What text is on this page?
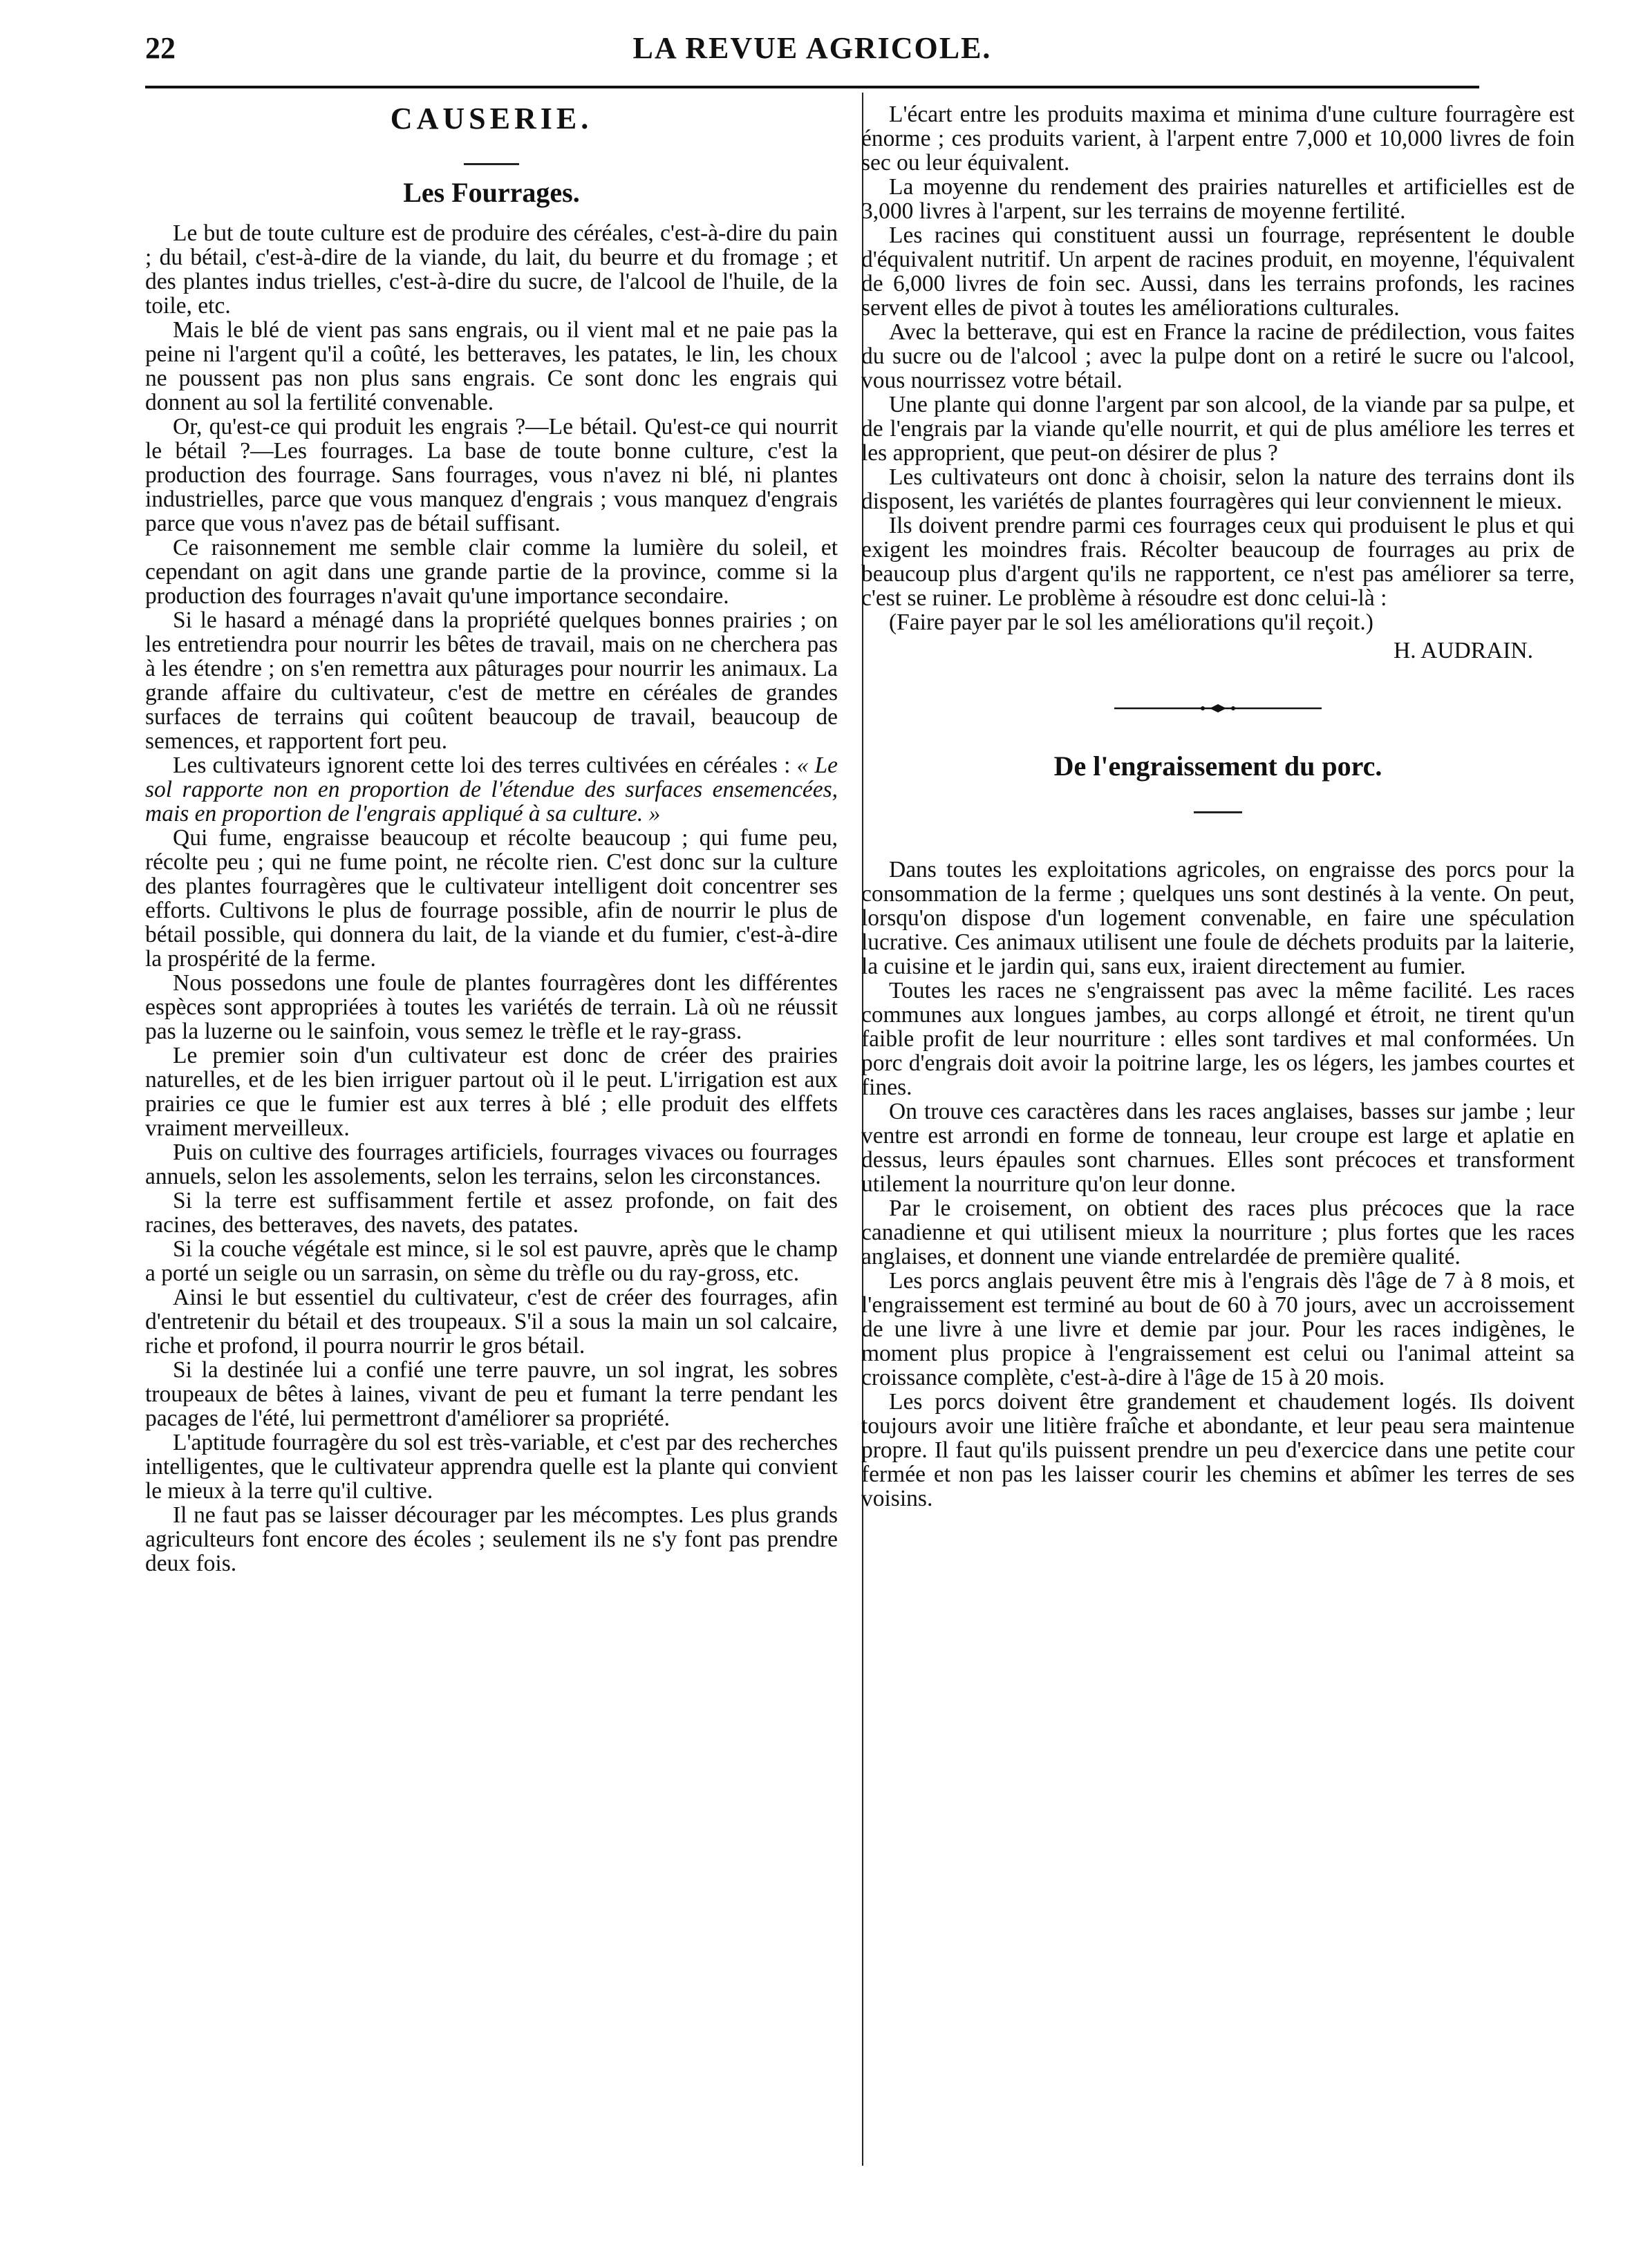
22	LA REVUE AGRICOLE.
CAUSERIE.
Les Fourrages.

Le but de toute culture est de produire des céréales, c'est-à-dire du pain ; du bétail, c'est-à-dire de la viande, du lait, du beurre et du fromage ; et des plantes indus trielles, c'est-à-dire du sucre, de l'alcool de l'huile, de la toile, etc.

Mais le blé de vient pas sans engrais, ou il vient mal et ne paie pas la peine ni l'argent qu'il a coûté, les betteraves, les patates, le lin, les choux ne poussent pas non plus sans engrais. Ce sont donc les engrais qui donnent au sol la fertilité convenable.

Or, qu'est-ce qui produit les engrais ?—Le bétail. Qu'est-ce qui nourrit le bétail ?—Les fourrages. La base de toute bonne culture, c'est la production des fourrage. Sans fourrages, vous n'avez ni blé, ni plantes industrielles, parce que vous manquez d'engrais ; vous manquez d'engrais parce que vous n'avez pas de bétail suffisant.

Ce raisonnement me semble clair comme la lumière du soleil, et cependant on agit dans une grande partie de la province, comme si la production des fourrages n'avait qu'une importance secondaire.

Si le hasard a ménagé dans la propriété quelques bonnes prairies ; on les entretiendra pour nourrir les bêtes de travail, mais on ne cherchera pas à les étendre ; on s'en remettra aux pâturages pour nourrir les animaux. La grande affaire du cultivateur, c'est de mettre en céréales de grandes surfaces de terrains qui coûtent beaucoup de travail, beaucoup de semences, et rapportent fort peu.

Les cultivateurs ignorent cette loi des terres cultivées en céréales : « Le sol rapporte non en proportion de l'étendue des surfaces ensemencées, mais en proportion de l'engrais appliqué à sa culture. »

Qui fume, engraisse beaucoup et récolte beaucoup ; qui fume peu, récolte peu ; qui ne fume point, ne récolte rien. C'est donc sur la culture des plantes fourragères que le cultivateur intelligent doit concentrer ses efforts. Cultivons le plus de fourrage possible, afin de nourrir le plus de bétail possible, qui donnera du lait, de la viande et du fumier, c'est-à-dire la prospérité de la ferme.

Nous possedons une foule de plantes fourragères dont les différentes espèces sont appropriées à toutes les variétés de terrain. Là où ne réussit pas la luzerne ou le sainfoin, vous semez le trèfle et le ray-grass.

Le premier soin d'un cultivateur est donc de créer des prairies naturelles, et de les bien irriguer partout où il le peut. L'irrigation est aux prairies ce que le fumier est aux terres à blé ; elle produit des elffets vraiment merveilleux.

Puis on cultive des fourrages artificiels, fourrages vivaces ou fourrages annuels, selon les assolements, selon les terrains, selon les circonstances.

Si la terre est suffisamment fertile et assez profonde, on fait des racines, des betteraves, des navets, des patates.

Si la couche végétale est mince, si le sol est pauvre, après que le champ a porté un seigle ou un sarrasin, on sème du trèfle ou du ray-gross, etc.

Ainsi le but essentiel du cultivateur, c'est de créer des fourrages, afin d'entretenir du bétail et des troupeaux. S'il a sous la main un sol calcaire, riche et profond, il pourra nourrir le gros bétail.

Si la destinée lui a confié une terre pauvre, un sol ingrat, les sobres troupeaux de bêtes à laines, vivant de peu et fumant la terre pendant les pacages de l'été, lui permettront d'améliorer sa propriété.

L'aptitude fourragère du sol est très-variable, et c'est par des recherches intelligentes, que le cultivateur apprendra quelle est la plante qui convient le mieux à la terre qu'il cultive.

Il ne faut pas se laisser décourager par les mécomptes. Les plus grands agriculteurs font encore des écoles ; seulement ils ne s'y font pas prendre deux fois.

L'écart entre les produits maxima et minima d'une culture fourragère est énorme ; ces produits varient, à l'arpent entre 7,000 et 10,000 livres de foin sec ou leur équivalent.

La moyenne du rendement des prairies naturelles et artificielles est de 3,000 livres à l'arpent, sur les terrains de moyenne fertilité.

Les racines qui constituent aussi un fourrage, représentent le double d'équivalent nutritif. Un arpent de racines produit, en moyenne, l'équivalent de 6,000 livres de foin sec. Aussi, dans les terrains profonds, les racines servent elles de pivot à toutes les améliorations culturales.

Avec la betterave, qui est en France la racine de prédilection, vous faites du sucre ou de l'alcool ; avec la pulpe dont on a retiré le sucre ou l'alcool, vous nourrissez votre bétail.

Une plante qui donne l'argent par son alcool, de la viande par sa pulpe, et de l'engrais par la viande qu'elle nourrit, et qui de plus améliore les terres et les approprient, que peut-on désirer de plus ?

Les cultivateurs ont donc à choisir, selon la nature des terrains dont ils disposent, les variétés de plantes fourragères qui leur conviennent le mieux.

Ils doivent prendre parmi ces fourrages ceux qui produisent le plus et qui exigent les moindres frais. Récolter beaucoup de fourrages au prix de beaucoup plus d'argent qu'ils ne rapportent, ce n'est pas améliorer sa terre, c'est se ruiner. Le problème à résoudre est donc celui-là :

(Faire payer par le sol les améliorations qu'il reçoit.)

H. AUDRAIN.
De l'engraissement du porc.

Dans toutes les exploitations agricoles, on engraisse des porcs pour la consommation de la ferme ; quelques uns sont destinés à la vente. On peut, lorsqu'on dispose d'un logement convenable, en faire une spéculation lucrative. Ces animaux utilisent une foule de déchets produits par la laiterie, la cuisine et le jardin qui, sans eux, iraient directement au fumier.

Toutes les races ne s'engraissent pas avec la même facilité. Les races communes aux longues jambes, au corps allongé et étroit, ne tirent qu'un faible profit de leur nourriture : elles sont tardives et mal conformées. Un porc d'engrais doit avoir la poitrine large, les os légers, les jambes courtes et fines.

On trouve ces caractères dans les races anglaises, basses sur jambe ; leur ventre est arrondi en forme de tonneau, leur croupe est large et aplatie en dessus, leurs épaules sont charnues. Elles sont précoces et transforment utilement la nourriture qu'on leur donne.

Par le croisement, on obtient des races plus précoces que la race canadienne et qui utilisent mieux la nourriture ; plus fortes que les races anglaises, et donnent une viande entrelardée de première qualité.

Les porcs anglais peuvent être mis à l'engrais dès l'âge de 7 à 8 mois, et l'engraissement est terminé au bout de 60 à 70 jours, avec un accroissement de une livre à une livre et demie par jour. Pour les races indigènes, le moment plus propice à l'engraissement est celui ou l'animal atteint sa croissance complète, c'est-à-dire à l'âge de 15 à 20 mois.

Les porcs doivent être grandement et chaudement logés. Ils doivent toujours avoir une litière fraîche et abondante, et leur peau sera maintenue propre. Il faut qu'ils puissent prendre un peu d'exercice dans une petite cour fermée et non pas les laisser courir les chemins et abîmer les terres de ses voisins.
